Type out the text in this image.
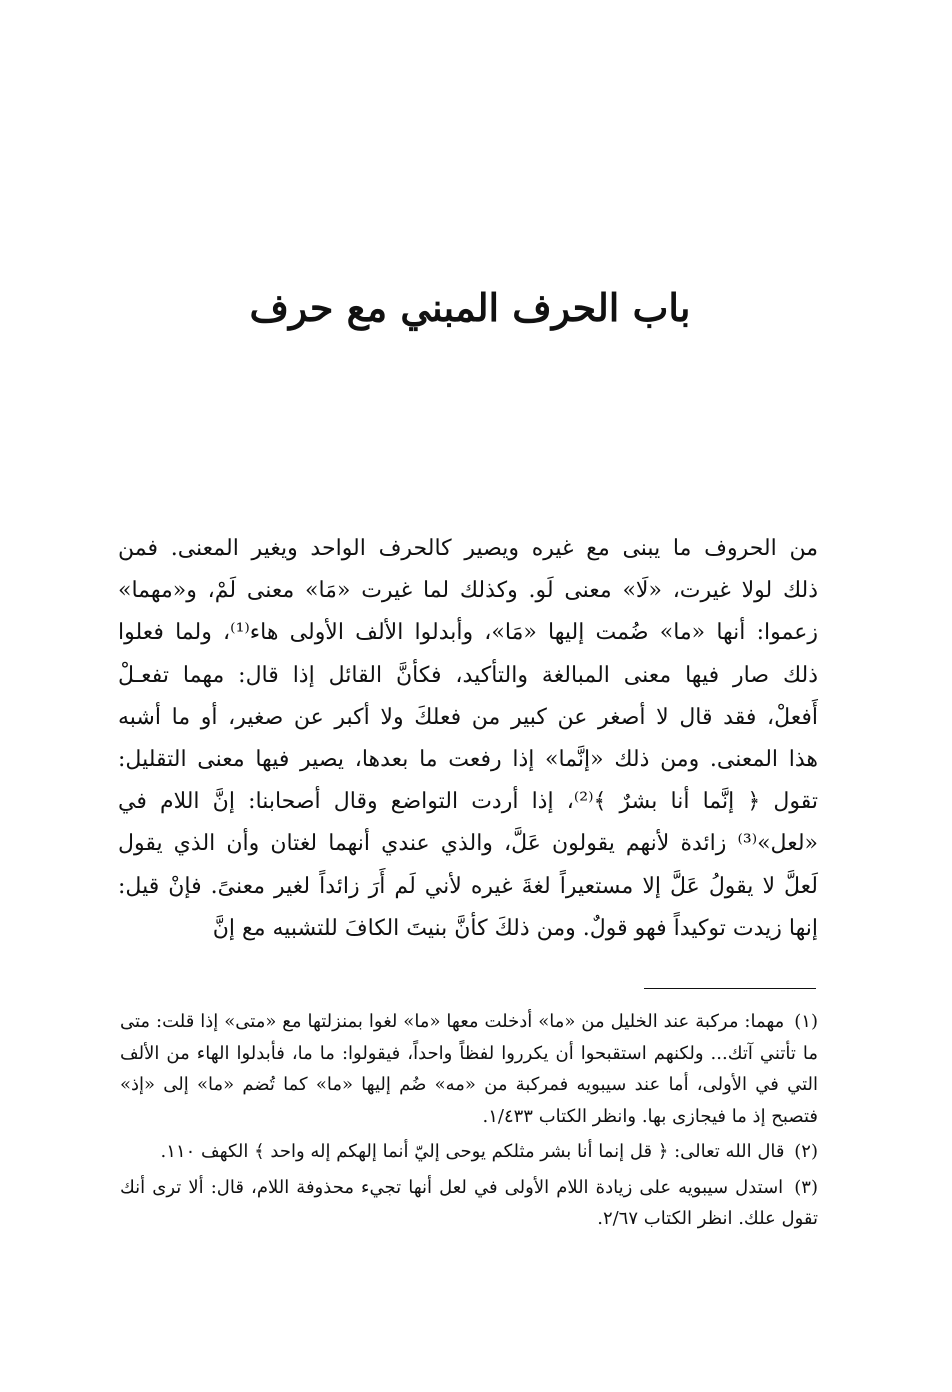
باب الحرف المبني مع حرف

من الحروف ما يبنى مع غيره ويصير كالحرف الواحد ويغير المعنى. فمن

ذلك لولا غيرت، «لَا» معنى لَو. وكذلك لما غيرت «مَا» معنى لَمْ، و«مهما»

زعموا: أنها «ما» ضُمت إليها «مَا»، وأبدلوا الألف الأولى هاء⁽¹⁾، ولما فعلوا

ذلك صار فيها معنى المبالغة والتأكيد، فكأنَّ القائل إذا قال: مهما تفعـلْ

أَفعلْ، فقد قال لا أصغر عن كبير من فعلكَ ولا أكبر عن صغير، أو ما أشبه

هذا المعنى. ومن ذلك «إنَّما» إذا رفعت ما بعدها، يصير فيها معنى التقليل:

تقول ﴿ إنَّما أنا بشرٌ ﴾⁽²⁾، إذا أردت التواضع وقال أصحابنا: إنَّ اللام في

«لعل»⁽³⁾ زائدة لأنهم يقولون عَلَّ، والذي عندي أنهما لغتان وأن الذي يقول

لَعلَّ لا يقولُ عَلَّ إلا مستعيراً لغةَ غيره لأني لَم أَرَ زائداً لغير معنىً. فإنْ قيل:

إنها زيدت توكيداً فهو قولٌ. ومن ذلكَ كأنَّ بنيتَ الكافَ للتشبيه مع إنَّ

(١) مهما: مركبة عند الخليل من «ما» أدخلت معها «ما» لغوا بمنزلتها مع «متى» إذا قلت: متى ما تأتني آتك... ولكنهم استقبحوا أن يكرروا لفظاً واحداً، فيقولوا: ما ما، فأبدلوا الهاء من الألف التي في الأولى، أما عند سيبويه فمركبة من «مه» ضُم إليها «ما» كما تُضم «ما» إلى «إذ» فتصبح إذ ما فيجازى بها. وانظر الكتاب ١/٤٣٣.

(٢) قال الله تعالى: ﴿ قل إنما أنا بشر مثلكم يوحى إليّ أنما إلهكم إله واحد ﴾ الكهف ١١٠.

(٣) استدل سيبويه على زيادة اللام الأولى في لعل أنها تجيء محذوفة اللام، قال: ألا ترى أنك تقول علك. انظر الكتاب ٢/٦٧.
